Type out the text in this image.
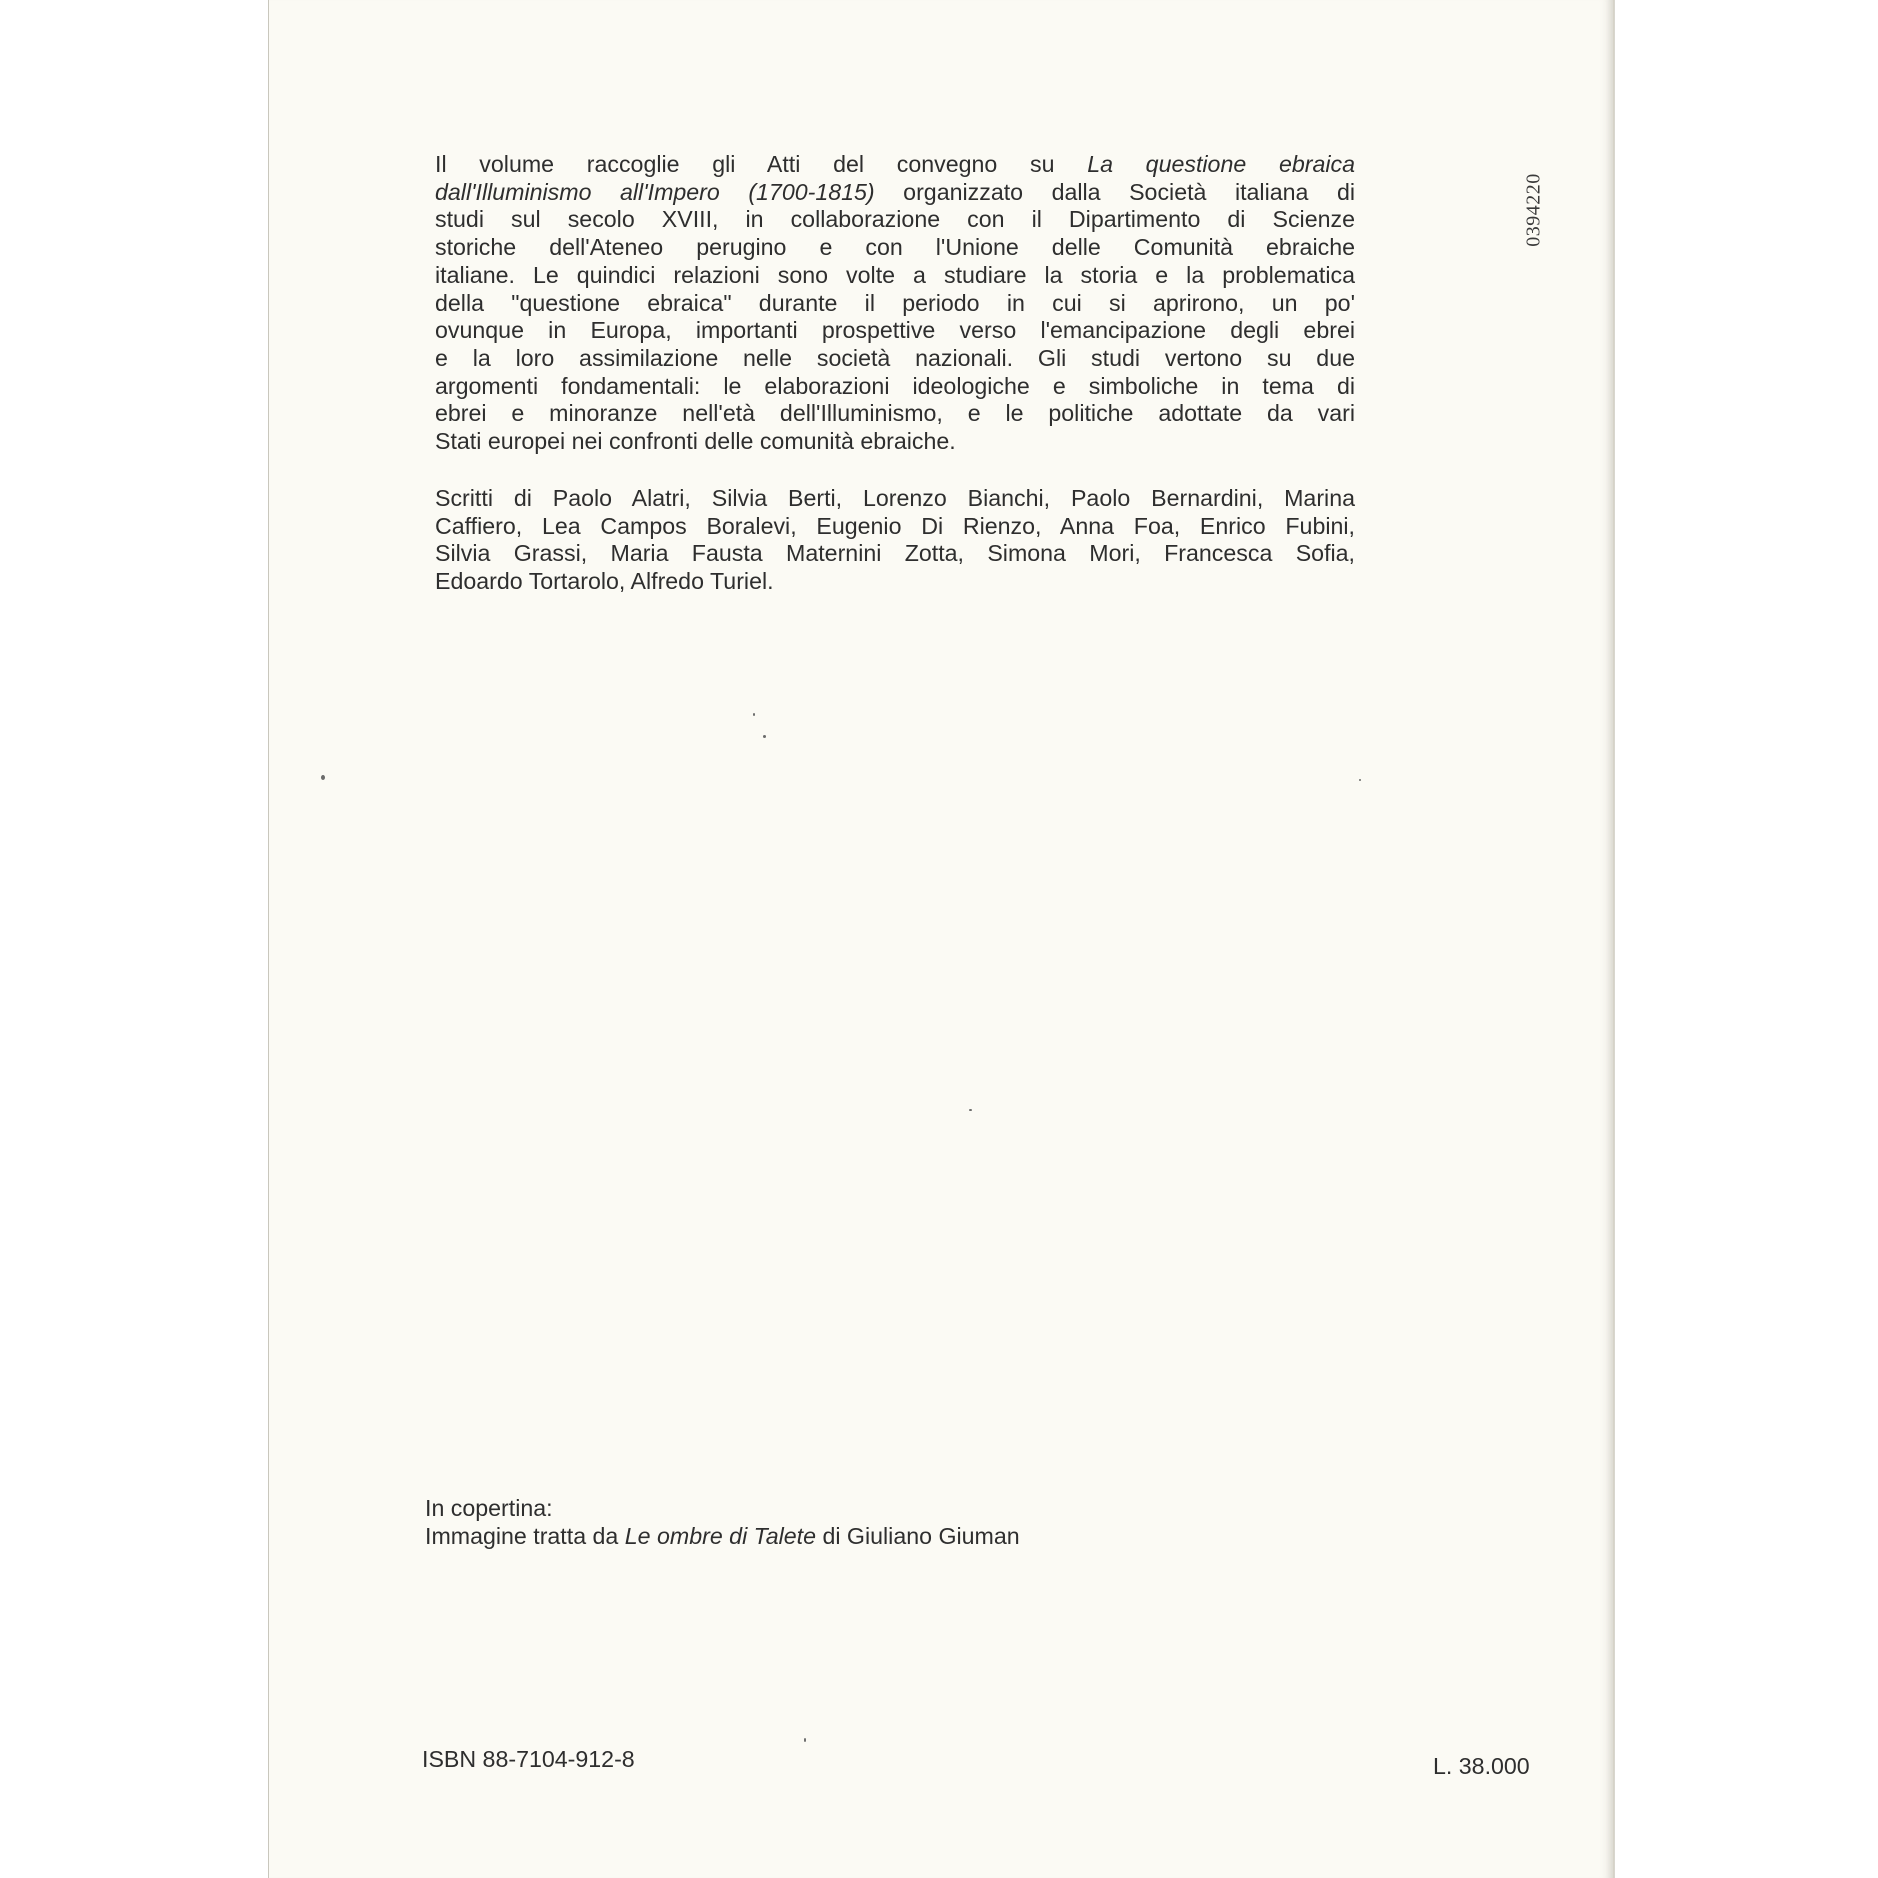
0394220
Il volume raccoglie gli Atti del convegno su La questione ebraica
dall'Illuminismo all'Impero (1700-1815) organizzato dalla Società italiana di
studi sul secolo XVIII, in collaborazione con il Dipartimento di Scienze
storiche dell'Ateneo perugino e con l'Unione delle Comunità ebraiche
italiane. Le quindici relazioni sono volte a studiare la storia e la problematica
della "questione ebraica" durante il periodo in cui si aprirono, un po'
ovunque in Europa, importanti prospettive verso l'emancipazione degli ebrei
e la loro assimilazione nelle società nazionali. Gli studi vertono su due
argomenti fondamentali: le elaborazioni ideologiche e simboliche in tema di
ebrei e minoranze nell'età dell'Illuminismo, e le politiche adottate da vari
Stati europei nei confronti delle comunità ebraiche.
Scritti di Paolo Alatri, Silvia Berti, Lorenzo Bianchi, Paolo Bernardini, Marina
Caffiero, Lea Campos Boralevi, Eugenio Di Rienzo, Anna Foa, Enrico Fubini,
Silvia Grassi, Maria Fausta Maternini Zotta, Simona Mori, Francesca Sofia,
Edoardo Tortarolo, Alfredo Turiel.
In copertina:
Immagine tratta da Le ombre di Talete di Giuliano Giuman
ISBN 88-7104-912-8	L. 38.000
